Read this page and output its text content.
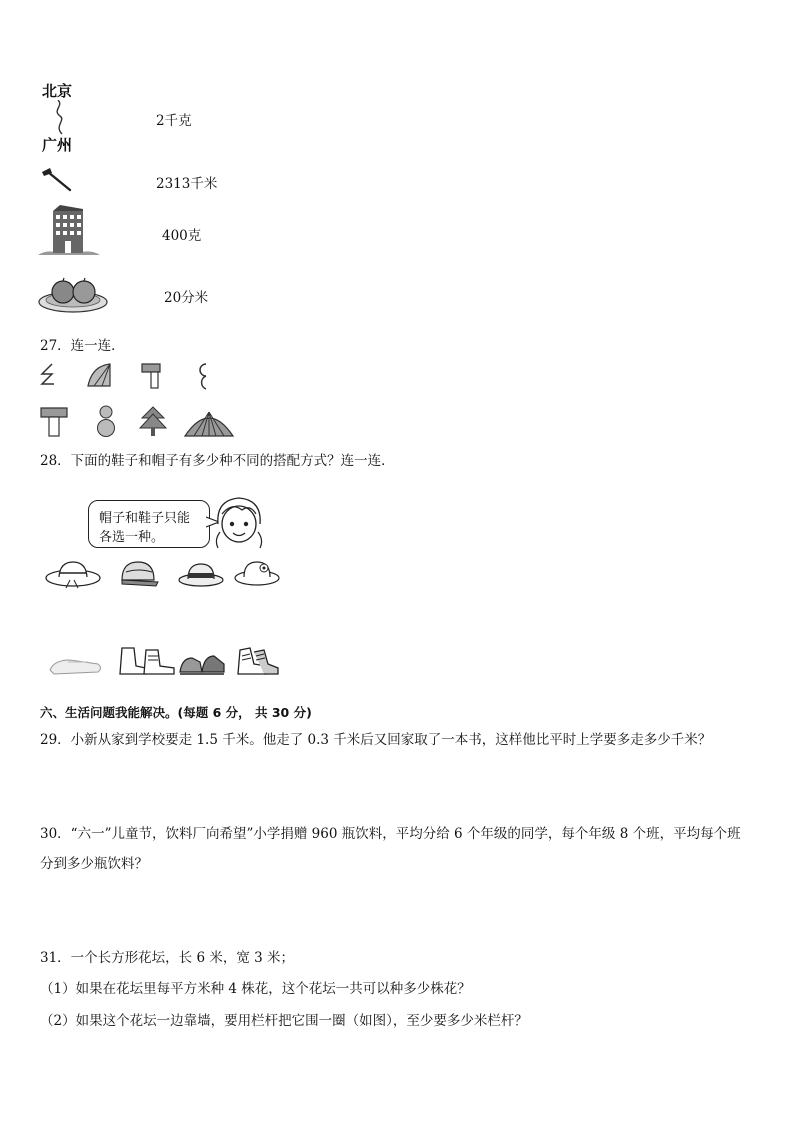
北京
广州
2千克
2313千米
400克
20分米
27．连一连．
28．下面的鞋子和帽子有多少种不同的搭配方式？连一连．
帽子和鞋子只能
各选一种。
六、生活问题我能解决。(每题 6 分， 共 30 分)
29．小新从家到学校要走 1.5 千米。他走了 0.3 千米后又回家取了一本书，这样他比平时上学要多走多少千米？
30．“六一”儿童节，饮料厂向希望”小学捐赠 960 瓶饮料，平均分给 6 个年级的同学，每个年级 8 个班，平均每个班
分到多少瓶饮料？
31．一个长方形花坛，长 6 米，宽 3 米；
（1）如果在花坛里每平方米种 4 株花，这个花坛一共可以种多少株花？
（2）如果这个花坛一边靠墙，要用栏杆把它围一圈（如图），至少要多少米栏杆？
